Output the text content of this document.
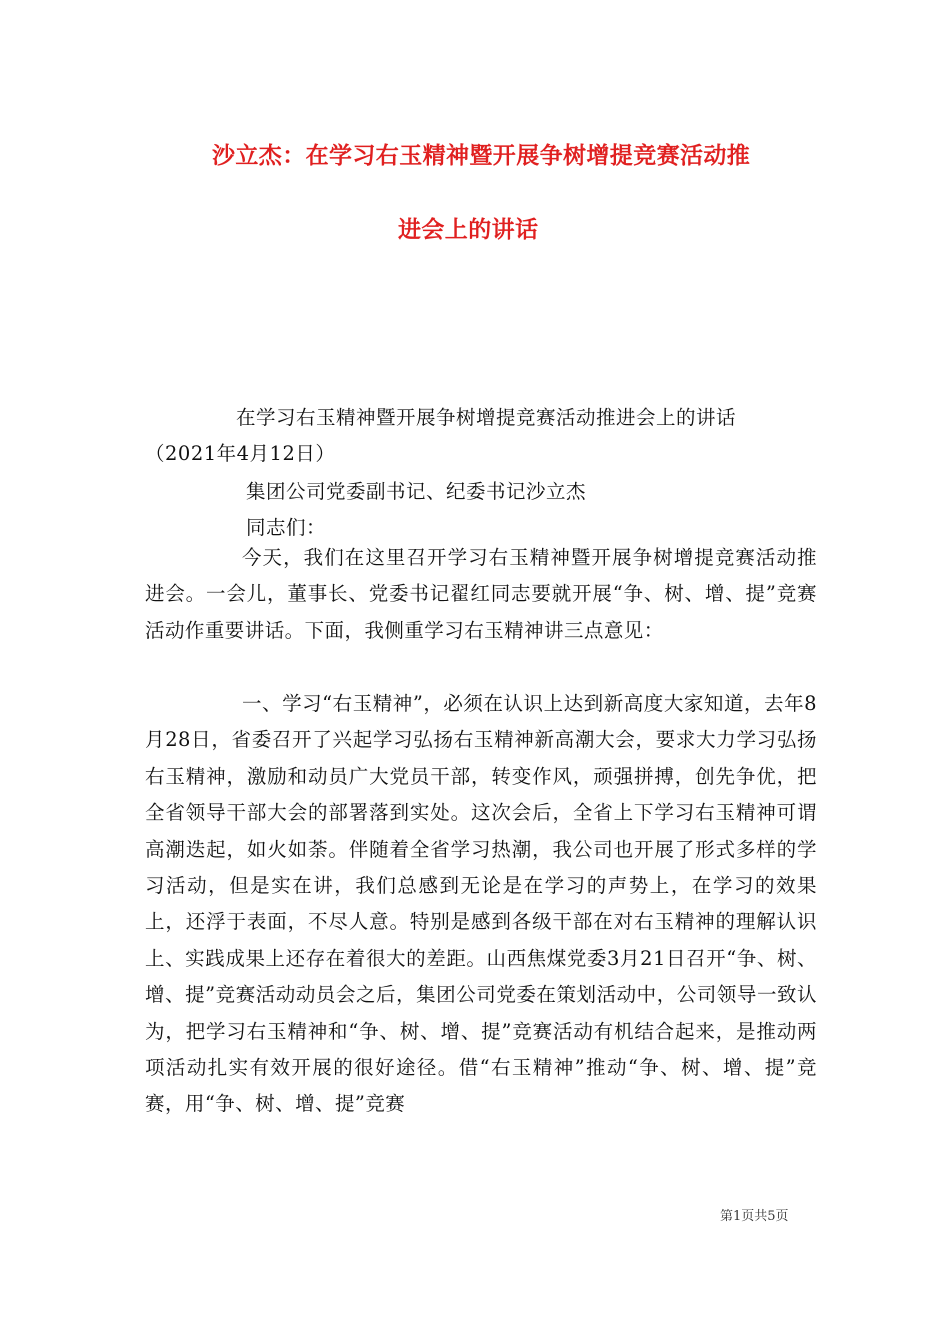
沙立杰：在学习右玉精神暨开展争树增提竞赛活动推
进会上的讲话

在学习右玉精神暨开展争树增提竞赛活动推进会上的讲话

（2021年4月12日）

集团公司党委副书记、纪委书记沙立杰

同志们：

今天，我们在这里召开学习右玉精神暨开展争树增提竞赛活动推进会。一会儿，董事长、党委书记翟红同志要就开展“争、树、增、提”竞赛活动作重要讲话。下面，我侧重学习右玉精神讲三点意见：

一、学习“右玉精神”，必须在认识上达到新高度大家知道，去年8月28日，省委召开了兴起学习弘扬右玉精神新高潮大会，要求大力学习弘扬右玉精神，激励和动员广大党员干部，转变作风，顽强拼搏，创先争优，把全省领导干部大会的部署落到实处。这次会后，全省上下学习右玉精神可谓高潮迭起，如火如荼。伴随着全省学习热潮，我公司也开展了形式多样的学习活动，但是实在讲，我们总感到无论是在学习的声势上，在学习的效果上，还浮于表面，不尽人意。特别是感到各级干部在对右玉精神的理解认识上、实践成果上还存在着很大的差距。山西焦煤党委3月21日召开“争、树、增、提”竞赛活动动员会之后，集团公司党委在策划活动中，公司领导一致认为，把学习右玉精神和“争、树、增、提”竞赛活动有机结合起来，是推动两项活动扎实有效开展的很好途径。借“右玉精神”推动“争、树、增、提”竞赛，用“争、树、增、提”竞赛

第1页共5页
